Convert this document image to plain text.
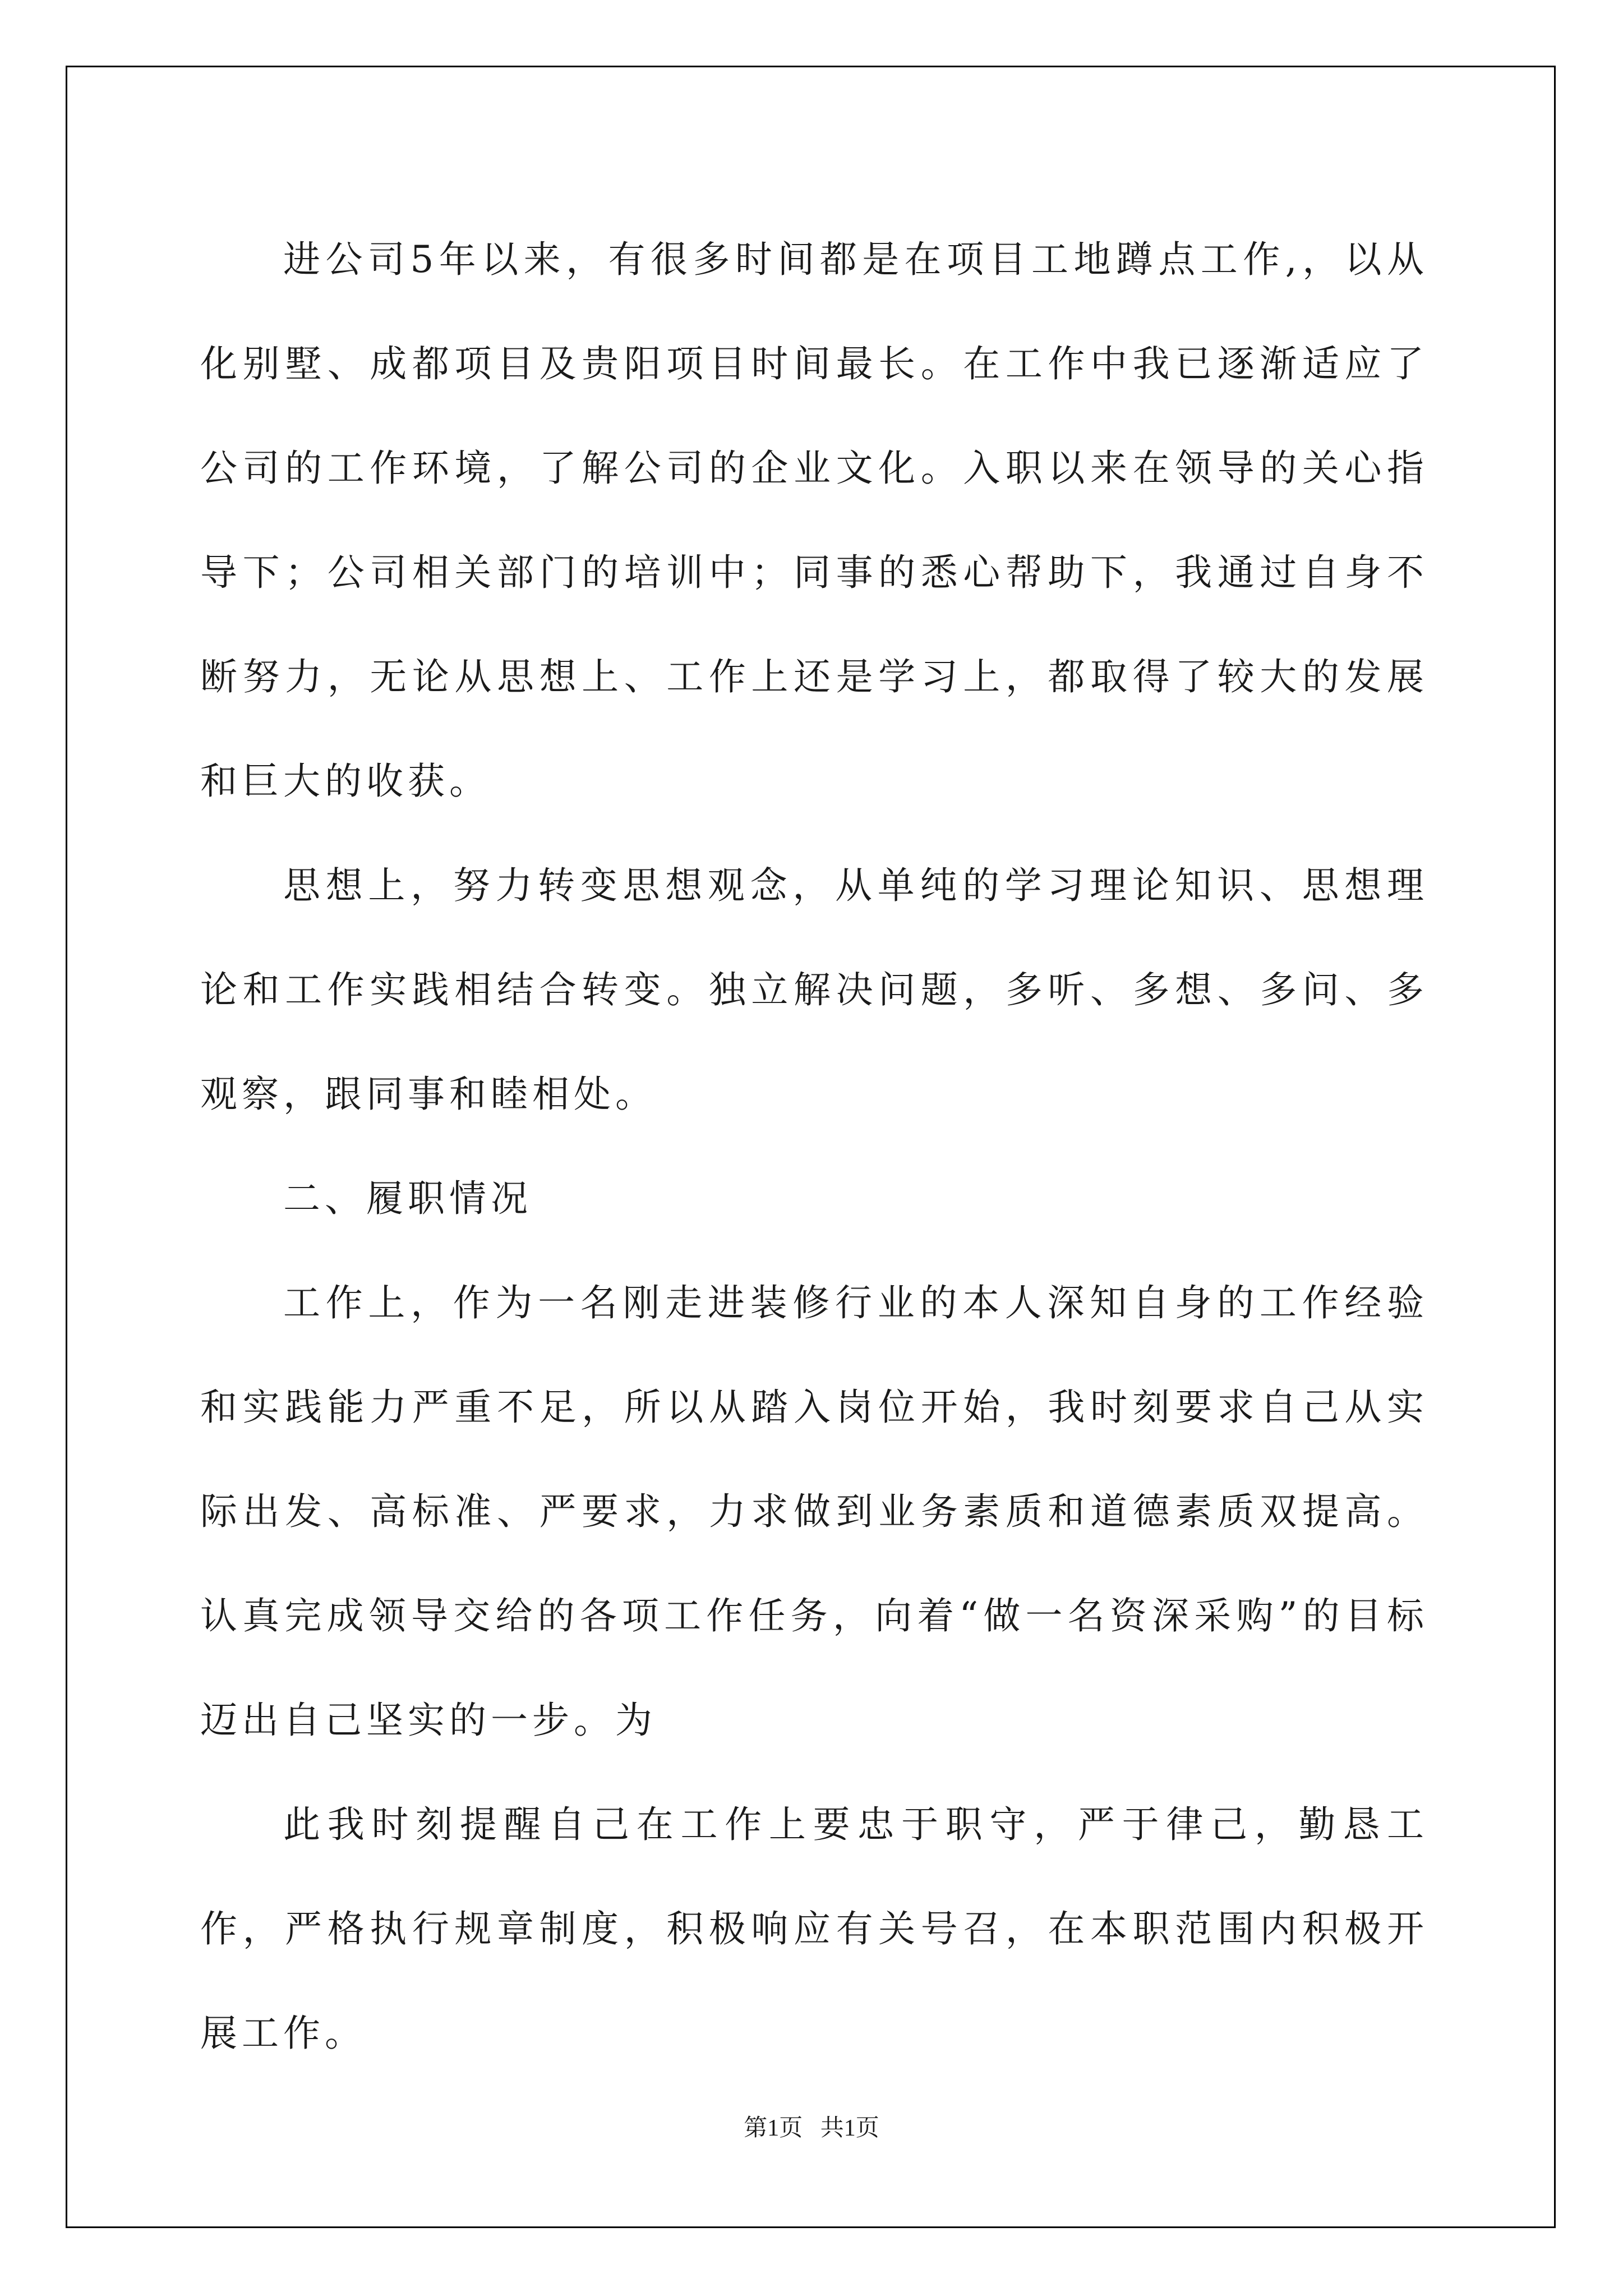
进公司5年以来，有很多时间都是在项目工地蹲点工作,，以从化别墅、成都项目及贵阳项目时间最长。在工作中我已逐渐适应了公司的工作环境，了解公司的企业文化。入职以来在领导的关心指导下；公司相关部门的培训中；同事的悉心帮助下，我通过自身不断努力，无论从思想上、工作上还是学习上，都取得了较大的发展和巨大的收获。

思想上，努力转变思想观念，从单纯的学习理论知识、思想理论和工作实践相结合转变。独立解决问题，多听、多想、多问、多观察，跟同事和睦相处。

二、履职情况

工作上，作为一名刚走进装修行业的本人深知自身的工作经验和实践能力严重不足，所以从踏入岗位开始，我时刻要求自己从实际出发、高标准、严要求，力求做到业务素质和道德素质双提高。认真完成领导交给的各项工作任务，向着“做一名资深采购”的目标迈出自己坚实的一步。为

此我时刻提醒自己在工作上要忠于职守，严于律己，勤恳工作，严格执行规章制度，积极响应有关号召，在本职范围内积极开展工作。

第1页 共1页
